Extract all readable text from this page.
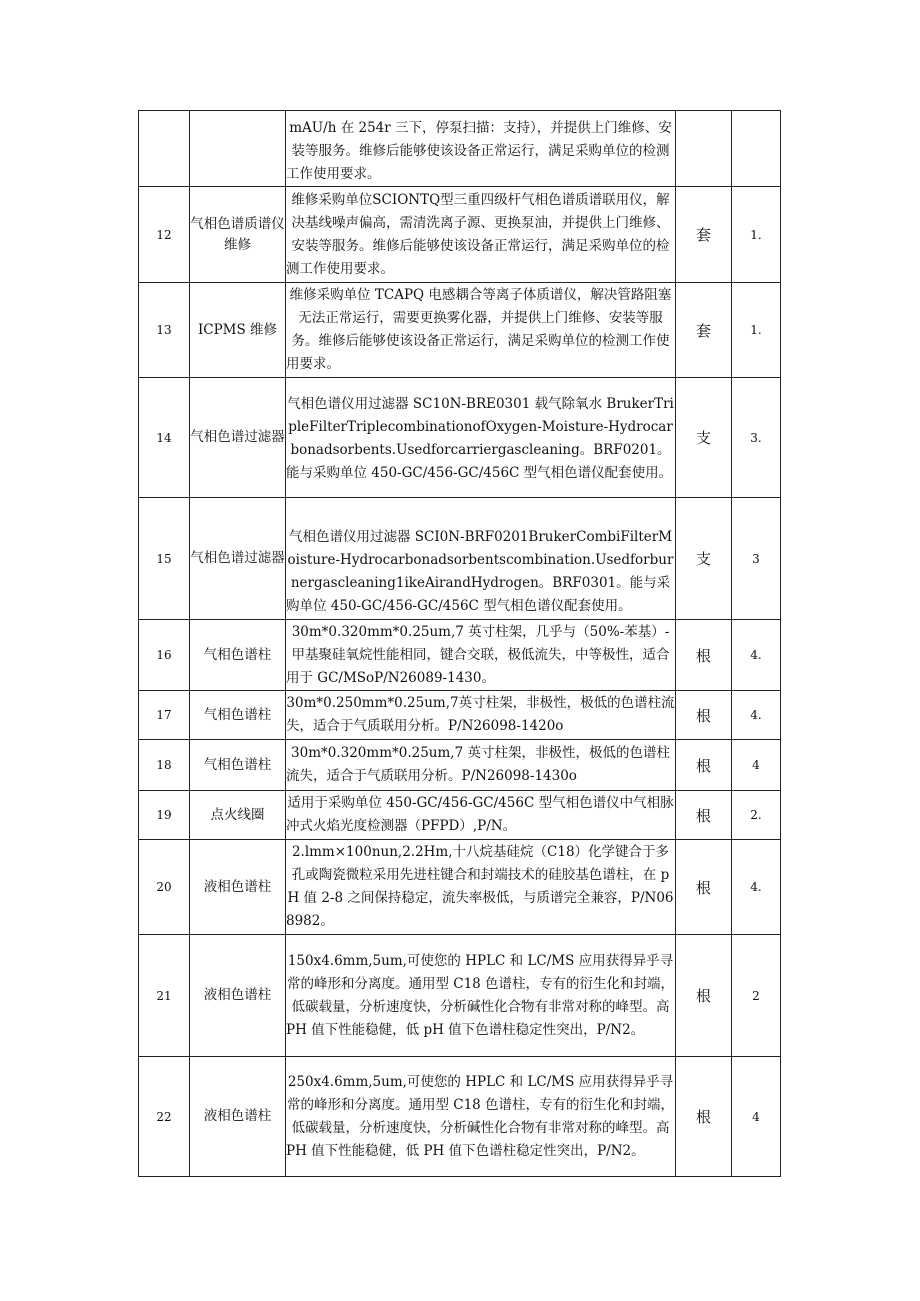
		mAU/h 在 254r 三下，停泵扫描：支持），并提供上门维修、安装等服务。维修后能够使该设备正常运行，满足采购单位的检测工作使用要求。		
12	气相色谱质谱仪维修	维修采购单位SCIONTQ型三重四级杆气相色谱质谱联用仪，解决基线噪声偏高，需清洗离子源、更换泵油，并提供上门维修、安装等服务。维修后能够使该设备正常运行，满足采购单位的检测工作使用要求。	套	1.
13	ICPMS 维修	维修采购单位 TCAPQ 电感耦合等离子体质谱仪，解决管路阻塞无法正常运行，需要更换雾化器，并提供上门维修、安装等服务。维修后能够使该设备正常运行，满足采购单位的检测工作使用要求。	套	1.
14	气相色谱过滤器	气相色谱仪用过滤器 SC10N-BRE0301 载气除氧水 BrukerTripleFilterTriplecombinationofOxygen-Moisture-Hydrocarbonadsorbents.Usedforcarriergascleaning。BRF0201。能与采购单位 450-GC/456-GC/456C 型气相色谱仪配套使用。	支	3.
15	气相色谱过滤器	气相色谱仪用过滤器 SCI0N-BRF0201BrukerCombiFilterMoisture-Hydrocarbonadsorbentscombination.Usedforburnergascleaning1ikeAirandHydrogen。BRF0301。能与采购单位 450-GC/456-GC/456C 型气相色谱仪配套使用。	支	3
16	气相色谱柱	30m*0.320mm*0.25um,7 英寸柱架，几乎与（50%-苯基）-甲基聚硅氧烷性能相同，键合交联，极低流失，中等极性，适合用于 GC/MSoP/N26089-1430。	根	4.
17	气相色谱柱	30m*0.250mm*0.25um,7英寸柱架，非极性，极低的色谱柱流失，适合于气质联用分析。P/N26098-1420o	根	4.
18	气相色谱柱	30m*0.320mm*0.25um,7 英寸柱架，非极性，极低的色谱柱流失，适合于气质联用分析。P/N26098-1430o	根	4
19	点火线圈	适用于采购单位 450-GC/456-GC/456C 型气相色谱仪中气相脉冲式火焰光度检测器（PFPD）,P/N。	根	2.
20	液相色谱柱	2.lmm×100nun,2.2Hm,十八烷基硅烷（C18）化学键合于多孔或陶瓷微粒采用先进柱键合和封端技术的硅胶基色谱柱，在 pH 值 2-8 之间保持稳定，流失率极低，与质谱完全兼容，P/N068982。	根	4.
21	液相色谱柱	150x4.6mm,5um,可使您的 HPLC 和 LC/MS 应用获得异乎寻常的峰形和分离度。通用型 C18 色谱柱，专有的衍生化和封端，低碳载量，分析速度快，分析碱性化合物有非常对称的峰型。高 PH 值下性能稳健，低 pH 值下色谱柱稳定性突出，P/N2。	根	2
22	液相色谱柱	250x4.6mm,5um,可使您的 HPLC 和 LC/MS 应用获得异乎寻常的峰形和分离度。通用型 C18 色谱柱，专有的衍生化和封端，低碳载量，分析速度快，分析碱性化合物有非常对称的峰型。高 PH 值下性能稳健，低 PH 值下色谱柱稳定性突出，P/N2。	根	4
